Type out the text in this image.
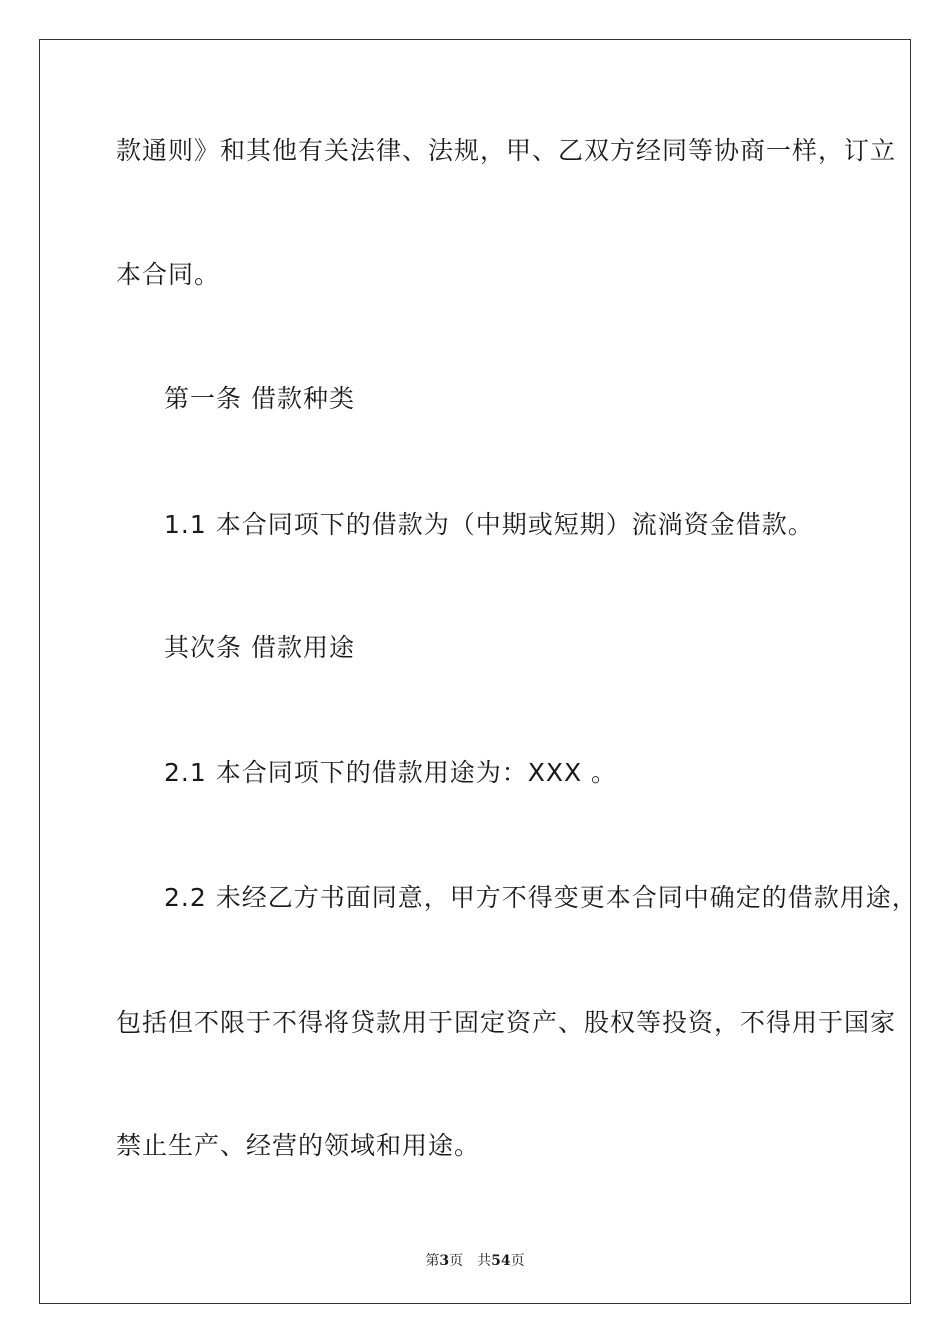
款通则》和其他有关法律、法规，甲、乙双方经同等协商一样，订立
本合同。
第一条 借款种类
1.1 本合同项下的借款为（中期或短期）流淌资金借款。
其次条 借款用途
2.1 本合同项下的借款用途为：XXX 。
2.2 未经乙方书面同意，甲方不得变更本合同中确定的借款用途，
包括但不限于不得将贷款用于固定资产、股权等投资，不得用于国家
禁止生产、经营的领域和用途。
第3页 共54页
